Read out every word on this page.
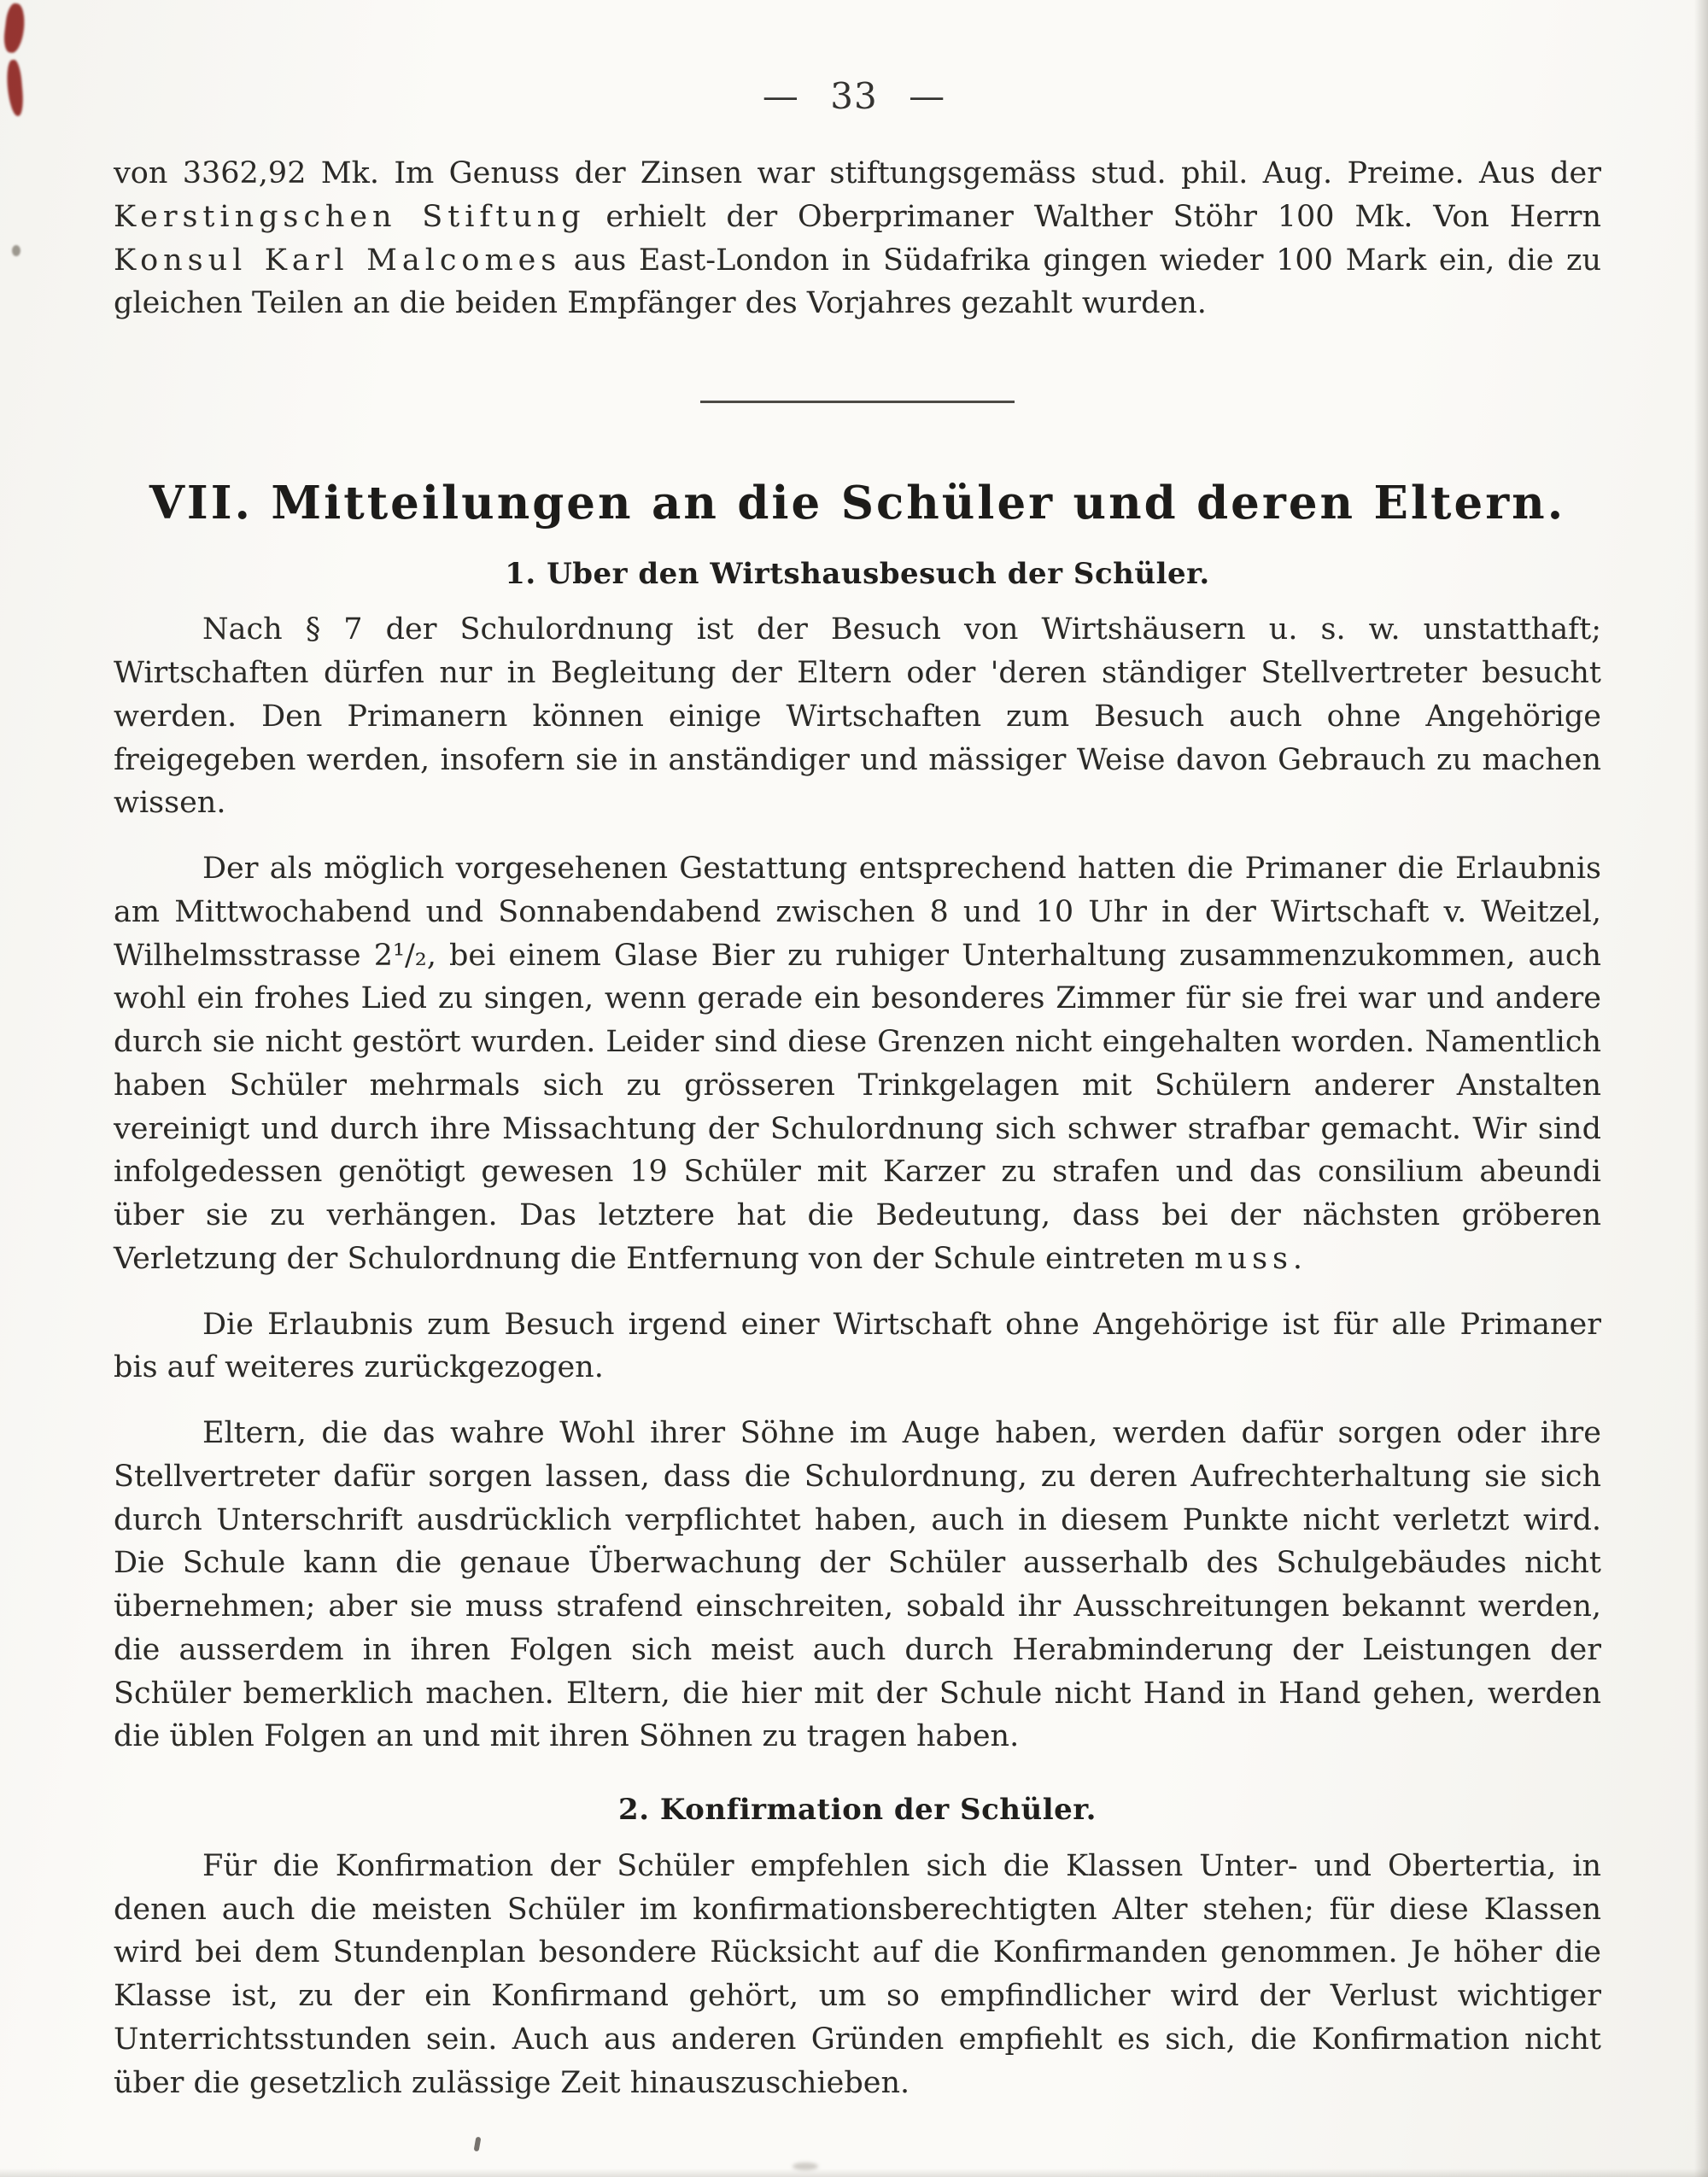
— 33 —

von 3362,92 Mk. Im Genuss der Zinsen war stiftungsgemäss stud. phil. Aug. Preime. Aus der Kerstingschen Stiftung erhielt der Oberprimaner Walther Stöhr 100 Mk. Von Herrn Konsul Karl Malcomes aus East-London in Südafrika gingen wieder 100 Mark ein, die zu gleichen Teilen an die beiden Empfänger des Vorjahres gezahlt wurden.

VII. Mitteilungen an die Schüler und deren Eltern.
1. Uber den Wirtshausbesuch der Schüler.

Nach § 7 der Schulordnung ist der Besuch von Wirtshäusern u. s. w. unstatthaft; Wirtschaften dürfen nur in Begleitung der Eltern oder 'deren ständiger Stellvertreter besucht werden. Den Primanern können einige Wirtschaften zum Besuch auch ohne Angehörige freigegeben werden, insofern sie in anständiger und mässiger Weise davon Gebrauch zu machen wissen.

Der als möglich vorgesehenen Gestattung entsprechend hatten die Primaner die Erlaubnis am Mittwochabend und Sonnabendabend zwischen 8 und 10 Uhr in der Wirtschaft v. Weitzel, Wilhelmsstrasse 2¹/₂, bei einem Glase Bier zu ruhiger Unterhaltung zusammenzukommen, auch wohl ein frohes Lied zu singen, wenn gerade ein besonderes Zimmer für sie frei war und andere durch sie nicht gestört wurden. Leider sind diese Grenzen nicht eingehalten worden. Namentlich haben Schüler mehrmals sich zu grösseren Trinkgelagen mit Schülern anderer Anstalten vereinigt und durch ihre Missachtung der Schulordnung sich schwer strafbar gemacht. Wir sind infolgedessen genötigt gewesen 19 Schüler mit Karzer zu strafen und das consilium abeundi über sie zu verhängen. Das letztere hat die Bedeutung, dass bei der nächsten gröberen Verletzung der Schulordnung die Entfernung von der Schule eintreten muss.

Die Erlaubnis zum Besuch irgend einer Wirtschaft ohne Angehörige ist für alle Primaner bis auf weiteres zurückgezogen.

Eltern, die das wahre Wohl ihrer Söhne im Auge haben, werden dafür sorgen oder ihre Stellvertreter dafür sorgen lassen, dass die Schulordnung, zu deren Aufrechterhaltung sie sich durch Unterschrift ausdrücklich verpflichtet haben, auch in diesem Punkte nicht verletzt wird. Die Schule kann die genaue Überwachung der Schüler ausserhalb des Schulgebäudes nicht übernehmen; aber sie muss strafend einschreiten, sobald ihr Ausschreitungen bekannt werden, die ausserdem in ihren Folgen sich meist auch durch Herabminderung der Leistungen der Schüler bemerklich machen. Eltern, die hier mit der Schule nicht Hand in Hand gehen, werden die üblen Folgen an und mit ihren Söhnen zu tragen haben.

2. Konfirmation der Schüler.

Für die Konfirmation der Schüler empfehlen sich die Klassen Unter- und Obertertia, in denen auch die meisten Schüler im konfirmationsberechtigten Alter stehen; für diese Klassen wird bei dem Stundenplan besondere Rücksicht auf die Konfirmanden genommen. Je höher die Klasse ist, zu der ein Konfirmand gehört, um so empfindlicher wird der Verlust wichtiger Unterrichtsstunden sein. Auch aus anderen Gründen empfiehlt es sich, die Konfirmation nicht über die gesetzlich zulässige Zeit hinauszuschieben.
